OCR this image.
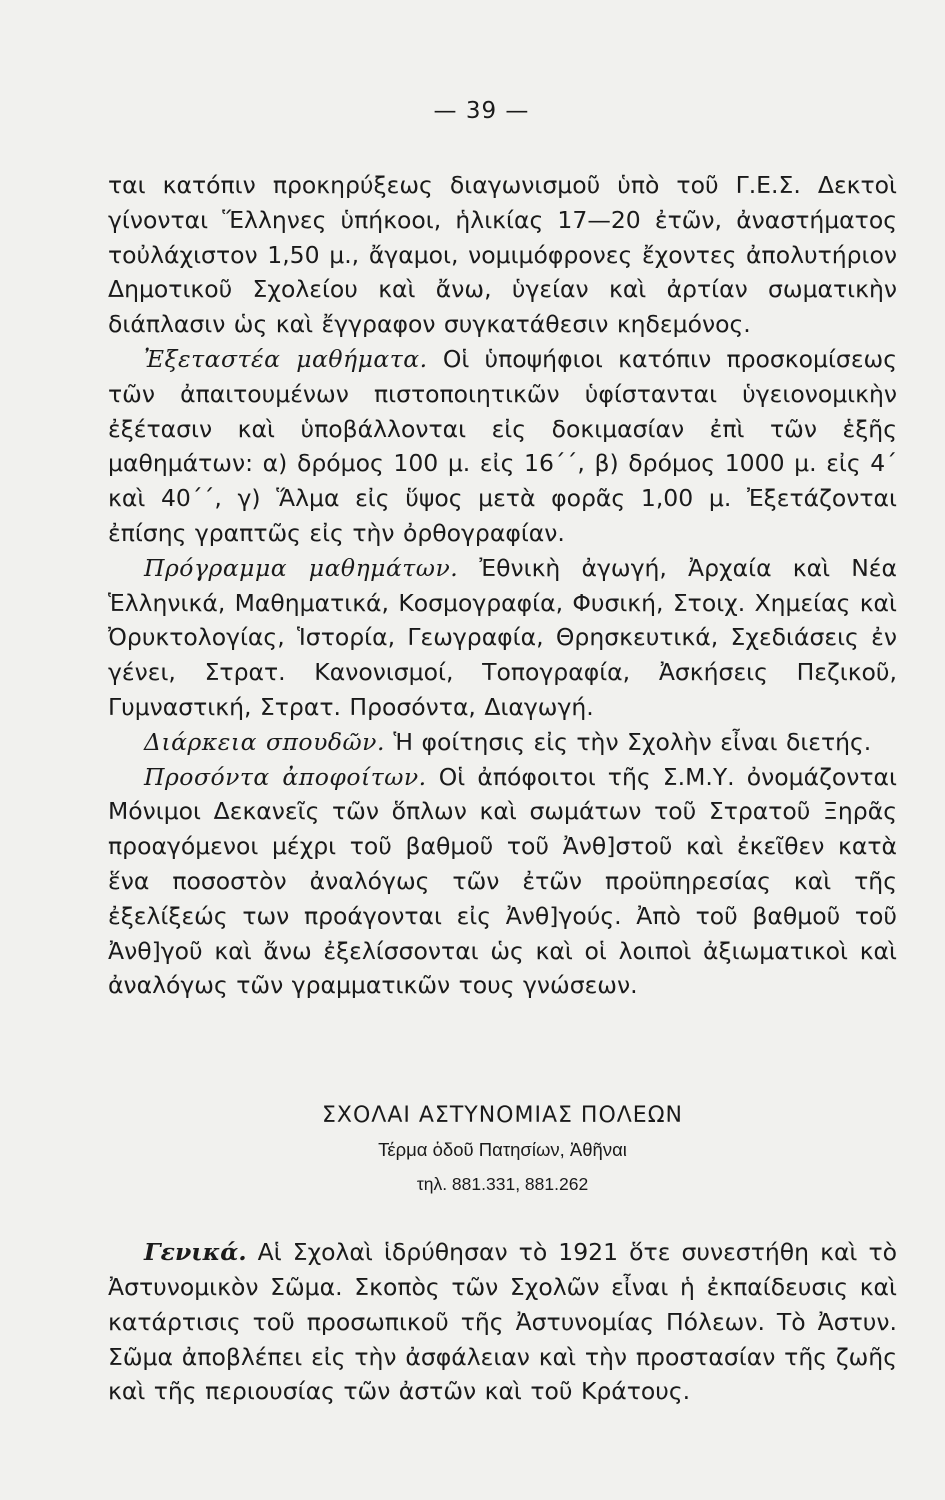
— 39 —

ται κατόπιν προκηρύξεως διαγωνισμοῦ ὑπὸ τοῦ Γ.Ε.Σ. Δεκτοὶ γίνονται Ἕλληνες ὑπήκοοι, ἡλικίας 17—20 ἐτῶν, ἀναστήματος τοὐλάχιστον 1,50 μ., ἄγαμοι, νομιμόφρονες ἔχοντες ἀπολυτήριον Δημοτικοῦ Σχολείου καὶ ἄνω, ὑγείαν καὶ ἀρτίαν σωματικὴν διάπλασιν ὡς καὶ ἔγγραφον συγκατάθεσιν κηδεμόνος.

Ἐξεταστέα μαθήματα. Οἱ ὑποψήφιοι κατόπιν προσκομίσεως τῶν ἀπαιτουμένων πιστοποιητικῶν ὑφίστανται ὑγειονομικὴν ἐξέτασιν καὶ ὑποβάλλονται εἰς δοκιμασίαν ἐπὶ τῶν ἑξῆς μαθημάτων: α) δρόμος 100 μ. εἰς 16΄΄, β) δρόμος 1000 μ. εἰς 4΄ καὶ 40΄΄, γ) Ἅλμα εἰς ὕψος μετὰ φορᾶς 1,00 μ. Ἐξετάζονται ἐπίσης γραπτῶς εἰς τὴν ὀρθογραφίαν.

Πρόγραμμα μαθημάτων. Ἐθνικὴ ἀγωγή, Ἀρχαία καὶ Νέα Ἑλληνικά, Μαθηματικά, Κοσμογραφία, Φυσική, Στοιχ. Χημείας καὶ Ὀρυκτολογίας, Ἱστορία, Γεωγραφία, Θρησκευτικά, Σχεδιάσεις ἐν γένει, Στρατ. Κανονισμοί, Τοπογραφία, Ἀσκήσεις Πεζικοῦ, Γυμναστική, Στρατ. Προσόντα, Διαγωγή.

Διάρκεια σπουδῶν. Ἡ φοίτησις εἰς τὴν Σχολὴν εἶναι διετής.

Προσόντα ἀποφοίτων. Οἱ ἀπόφοιτοι τῆς Σ.Μ.Υ. ὀνομάζονται Μόνιμοι Δεκανεῖς τῶν ὅπλων καὶ σωμάτων τοῦ Στρατοῦ Ξηρᾶς προαγόμενοι μέχρι τοῦ βαθμοῦ τοῦ Ἀνθ]στοῦ καὶ ἐκεῖθεν κατὰ ἕνα ποσοστὸν ἀναλόγως τῶν ἐτῶν προϋπηρεσίας καὶ τῆς ἐξελίξεώς των προάγονται εἰς Ἀνθ]γούς. Ἀπὸ τοῦ βαθμοῦ τοῦ Ἀνθ]γοῦ καὶ ἄνω ἐξελίσσονται ὡς καὶ οἱ λοιποὶ ἀξιωματικοὶ καὶ ἀναλόγως τῶν γραμματικῶν τους γνώσεων.

ΣΧΟΛΑΙ ΑΣΤΥΝΟΜΙΑΣ ΠΟΛΕΩΝ
Τέρμα ὁδοῦ Πατησίων, Ἀθῆναι
τηλ. 881.331, 881.262

Γενικά. Αἱ Σχολαὶ ἱδρύθησαν τὸ 1921 ὅτε συνεστήθη καὶ τὸ Ἀστυνομικὸν Σῶμα. Σκοπὸς τῶν Σχολῶν εἶναι ἡ ἐκπαίδευσις καὶ κατάρτισις τοῦ προσωπικοῦ τῆς Ἀστυνομίας Πόλεων. Τὸ Ἀστυν. Σῶμα ἀποβλέπει εἰς τὴν ἀσφάλειαν καὶ τὴν προστασίαν τῆς ζωῆς καὶ τῆς περιουσίας τῶν ἀστῶν καὶ τοῦ Κράτους.
